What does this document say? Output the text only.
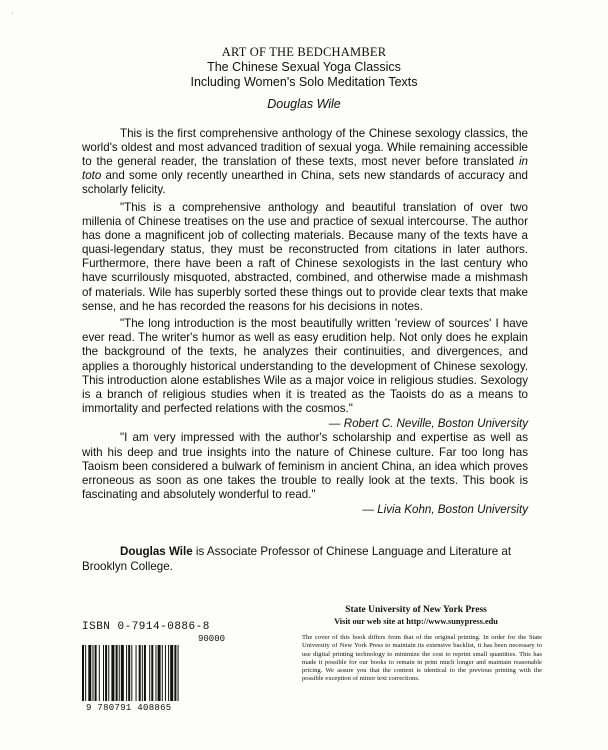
ᵢ
ART OF THE BEDCHAMBER
The Chinese Sexual Yoga Classics
Including Women's Solo Meditation Texts
Douglas Wile

This is the first comprehensive anthology of the Chinese sexology classics, the world's oldest and most advanced tradition of sexual yoga. While remaining accessible to the general reader, the translation of these texts, most never before translated in toto and some only recently unearthed in China, sets new standards of accuracy and scholarly felicity.

"This is a comprehensive anthology and beautiful translation of over two millenia of Chinese treatises on the use and practice of sexual intercourse. The author has done a magnificent job of collecting materials. Because many of the texts have a quasi-legendary status, they must be reconstructed from citations in later authors. Furthermore, there have been a raft of Chinese sexologists in the last century who have scurrilously misquoted, abstracted, combined, and otherwise made a mishmash of materials. Wile has superbly sorted these things out to provide clear texts that make sense, and he has recorded the reasons for his decisions in notes.

"The long introduction is the most beautifully written 'review of sources' I have ever read. The writer's humor as well as easy erudition help. Not only does he explain the background of the texts, he analyzes their continuities, and divergences, and applies a thoroughly historical understanding to the development of Chinese sexology. This introduction alone establishes Wile as a major voice in religious studies. Sexology is a branch of religious studies when it is treated as the Taoists do as a means to immortality and perfected relations with the cosmos."

— Robert C. Neville, Boston University

"I am very impressed with the author's scholarship and expertise as well as with his deep and true insights into the nature of Chinese culture. Far too long has Taoism been considered a bulwark of feminism in ancient China, an idea which proves erroneous as soon as one takes the trouble to really look at the texts. This book is fascinating and absolutely wonderful to read."

— Livia Kohn, Boston University

Douglas Wile is Associate Professor of Chinese Language and Literature at Brooklyn College.

State University of New York Press
Visit our web site at http://www.sunypress.edu
The cover of this book differs from that of the original printing. In order for the State University of New York Press to maintain its extensive backlist, it has been necessary to use digital printing technology to minimize the cost to reprint small quantities. This has made it possible for our books to remain in print much longer and maintain reasonable pricing. We assure you that the content is identical to the previous printing with the possible exception of minor text corrections.
ISBN 0-7914-0886-8
90000
9 780791 408865
